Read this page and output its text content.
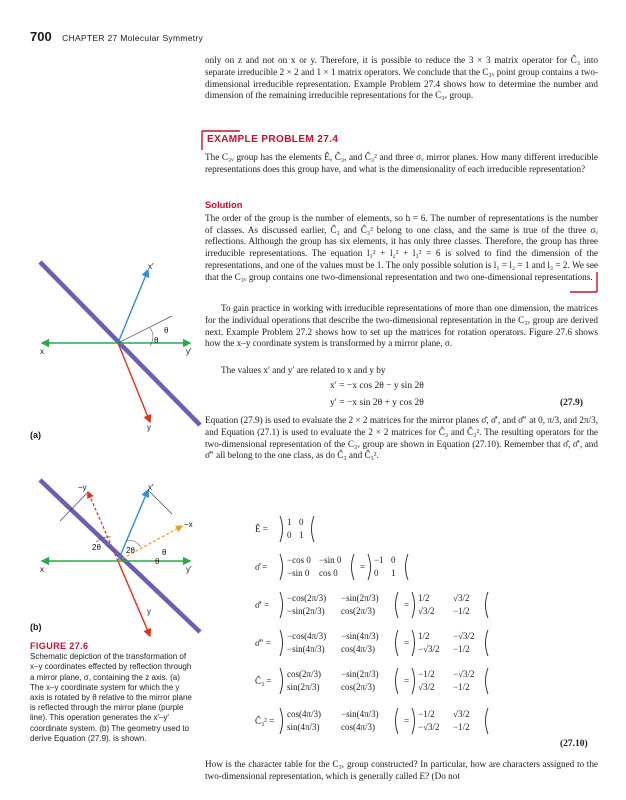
700 CHAPTER 27 Molecular Symmetry

only on z and not on x or y. Therefore, it is possible to reduce the 3 × 3 matrix operator for Ĉ₃ into separate irreducible 2 × 2 and 1 × 1 matrix operators. We conclude that the C₃ᵥ point group contains a two-dimensional irreducible representation. Example Problem 27.4 shows how to determine the number and dimension of the remaining irreducible representations for the C₃ᵥ group.

EXAMPLE PROBLEM 27.4

The C₃ᵥ group has the elements Ê, Ĉ₃, and Ĉ₃² and three σᵥ mirror planes. How many different irreducible representations does this group have, and what is the dimensionality of each irreducible representation?

Solution

The order of the group is the number of elements, so h = 6. The number of representations is the number of classes. As discussed earlier, Ĉ₃ and Ĉ₃² belong to one class, and the same is true of the three σᵥ reflections. Although the group has six elements, it has only three classes. Therefore, the group has three irreducible representations. The equation l₁² + l₂² + l₃² = 6 is solved to find the dimension of the representations, and one of the values must be 1. The only possible solution is l₁ = l₂ = 1 and l₃ = 2. We see that the C₃ᵥ group contains one two-dimensional representation and two one-dimensional representations.

To gain practice in working with irreducible representations of more than one dimension, the matrices for the individual operations that describe the two-dimensional representation in the C₃ᵥ group are derived next. Example Problem 27.2 shows how to set up the matrices for rotation operators. Figure 27.6 shows how the x–y coordinate system is transformed by a mirror plane, σ.

The values x′ and y′ are related to x and y by

x′ = −x cos 2θ − y sin 2θ
y′ = −x sin 2θ + y cos 2θ	(27.9)

Equation (27.9) is used to evaluate the 2 × 2 matrices for the mirror planes σ̂, σ̂′, and σ̂″ at 0, π/3, and 2π/3, and Equation (27.1) is used to evaluate the 2 × 2 matrices for Ĉ₃ and Ĉ₃². The resulting operators for the two-dimensional representation of the C₃ᵥ group are shown in Equation (27.10). Remember that σ̂, σ̂′, and σ̂″ all belong to the one class, as do Ĉ₃ and Ĉ₃².

Ê =
1 0
0 1
σ̂ =
−cos 0 −sin 0
−sin 0 cos 0
=
−1 0
0 1
σ̂′ =
−cos(2π/3) −sin(2π/3)
−sin(2π/3) cos(2π/3)
=
1/2	√3/2
√3/2 −1/2
σ̂″ =
−cos(4π/3) −sin(4π/3)
−sin(4π/3) cos(4π/3)
=
1/2	−√3/2
−√3/2 −1/2
Ĉ₃ =
cos(2π/3) −sin(2π/3)
sin(2π/3) cos(2π/3)
=
−1/2 −√3/2
√3/2 −1/2
Ĉ₃² =
cos(4π/3) −sin(4π/3)
sin(4π/3) cos(4π/3)
=
−1/2 √3/2
−√3/2 −1/2
(27.10)

How is the character table for the C₃ᵥ group constructed? In particular, how are characters assigned to the two-dimensional representation, which is generally called E? (Do not

x′
x	y′
y
θ
θ
(a)
−y	x′
−x
2θ	2θ	θ
θ
x	y′
y
(b)
FIGURE 27.6
Schematic depiction of the transformation of x–y coordinates effected by reflection through a mirror plane, σ, containing the z axis. (a) The x–y coordinate system for which the y axis is rotated by θ relative to the mirror plane is reflected through the mirror plane (purple line). This operation generates the x′–y′ coordinate system. (b) The geometry used to derive Equation (27.9). is shown.
